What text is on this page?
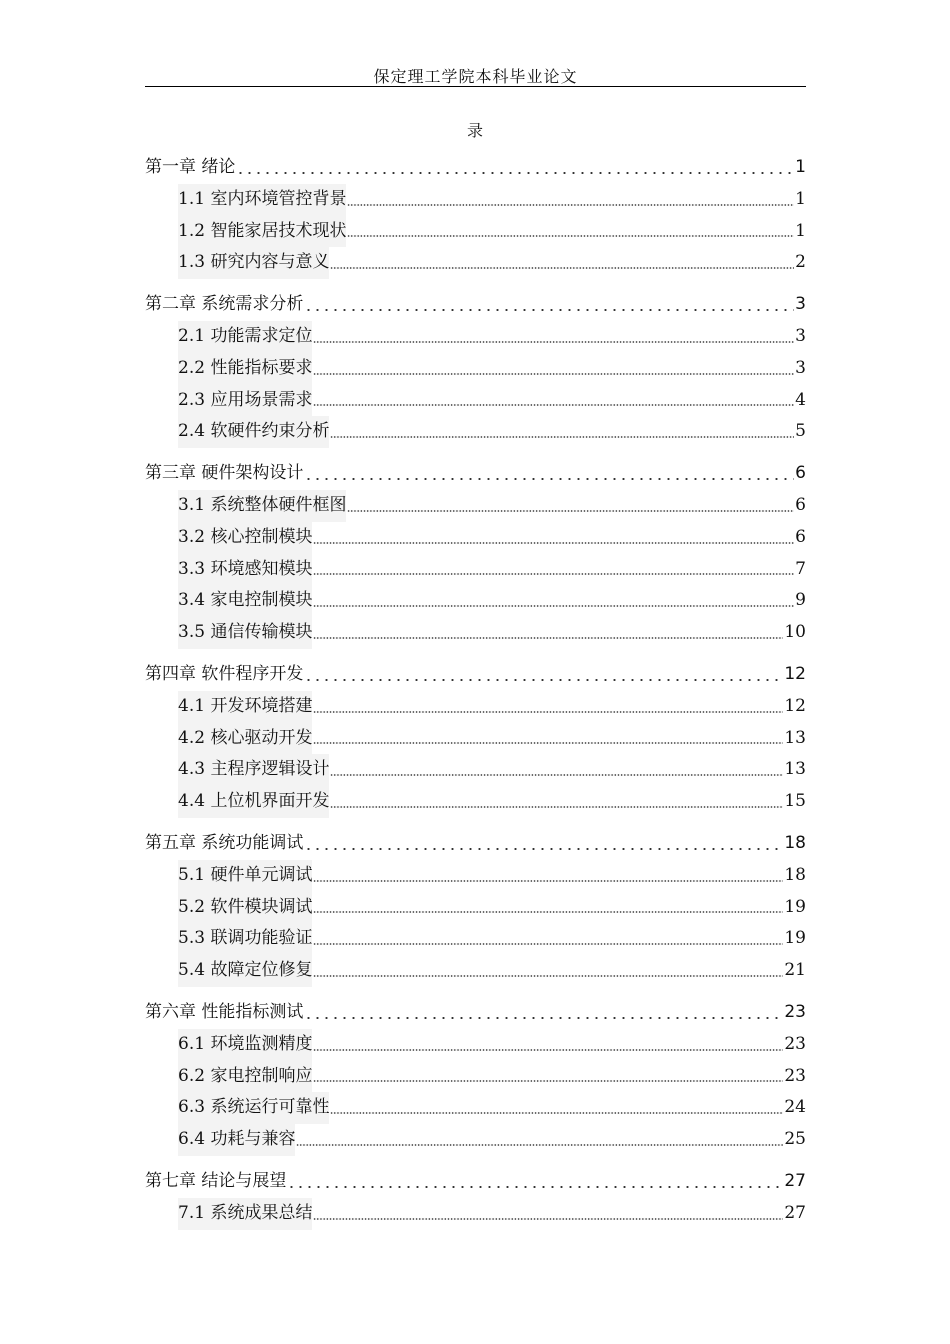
保定理工学院本科毕业论文
录
第一章 绪论	1
1.1 室内环境管控背景	1
1.2 智能家居技术现状	1
1.3 研究内容与意义	2
第二章 系统需求分析	3
2.1 功能需求定位	3
2.2 性能指标要求	3
2.3 应用场景需求	4
2.4 软硬件约束分析	5
第三章 硬件架构设计	6
3.1 系统整体硬件框图	6
3.2 核心控制模块	6
3.3 环境感知模块	7
3.4 家电控制模块	9
3.5 通信传输模块	10
第四章 软件程序开发	12
4.1 开发环境搭建	12
4.2 核心驱动开发	13
4.3 主程序逻辑设计	13
4.4 上位机界面开发	15
第五章 系统功能调试	18
5.1 硬件单元调试	18
5.2 软件模块调试	19
5.3 联调功能验证	19
5.4 故障定位修复	21
第六章 性能指标测试	23
6.1 环境监测精度	23
6.2 家电控制响应	23
6.3 系统运行可靠性	24
6.4 功耗与兼容	25
第七章 结论与展望	27
7.1 系统成果总结	27
